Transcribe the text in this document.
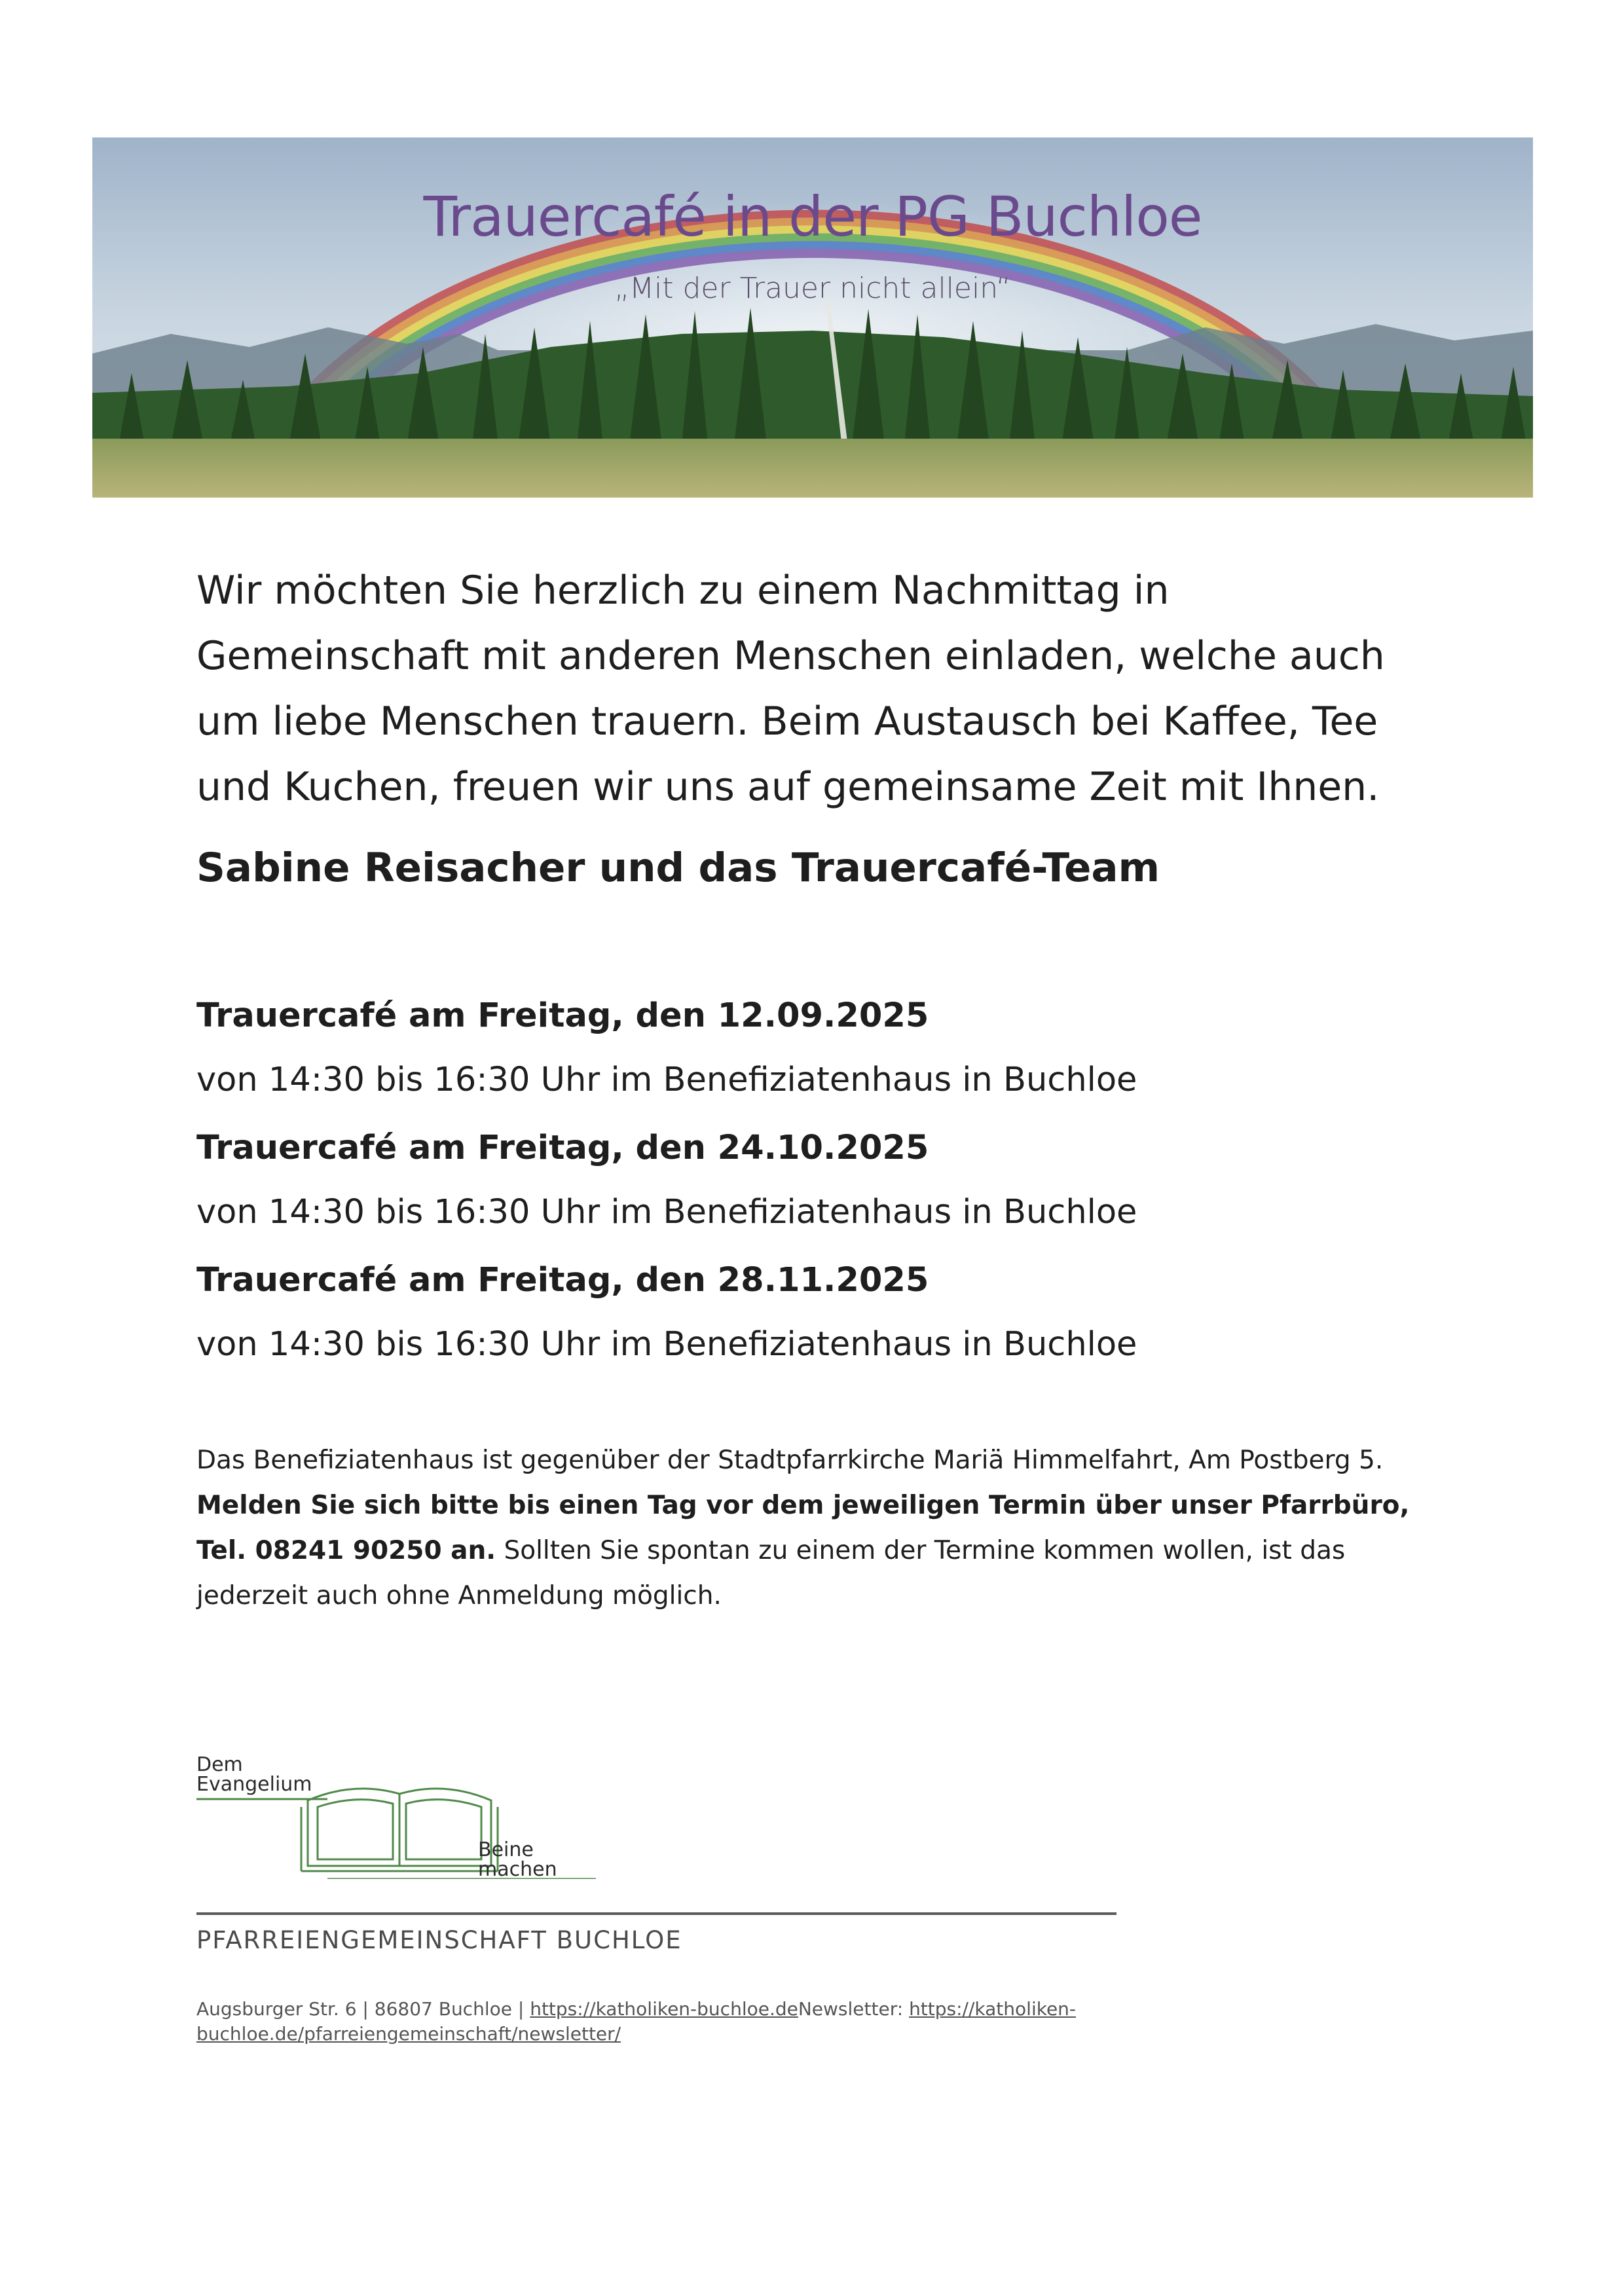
Trauercafé in der PG Buchloe
„Mit der Trauer nicht allein“

Wir möchten Sie herzlich zu einem Nachmittag in Gemeinschaft mit anderen Menschen einladen, welche auch um liebe Menschen trauern. Beim Austausch bei Kaffee, Tee und Kuchen, freuen wir uns auf gemeinsame Zeit mit Ihnen.

Sabine Reisacher und das Trauercafé-Team

Trauercafé am Freitag, den 12.09.2025

von 14:30 bis 16:30 Uhr im Benefiziatenhaus in Buchloe

Trauercafé am Freitag, den 24.10.2025

von 14:30 bis 16:30 Uhr im Benefiziatenhaus in Buchloe

Trauercafé am Freitag, den 28.11.2025

von 14:30 bis 16:30 Uhr im Benefiziatenhaus in Buchloe

Das Benefiziatenhaus ist gegenüber der Stadtpfarrkirche Mariä Himmelfahrt, Am Postberg 5.
Melden Sie sich bitte bis einen Tag vor dem jeweiligen Termin über unser Pfarrbüro, Tel. 08241 90250 an. Sollten Sie spontan zu einem der Termine kommen wollen, ist das jederzeit auch ohne Anmeldung möglich.

Dem
Evangelium
Beine
machen
PFARREIENGEMEINSCHAFT BUCHLOE
Augsburger Str. 6 | 86807 Buchloe | https://katholiken-buchloe.deNewsletter: https://katholiken-buchloe.de/pfarreiengemeinschaft/newsletter/
